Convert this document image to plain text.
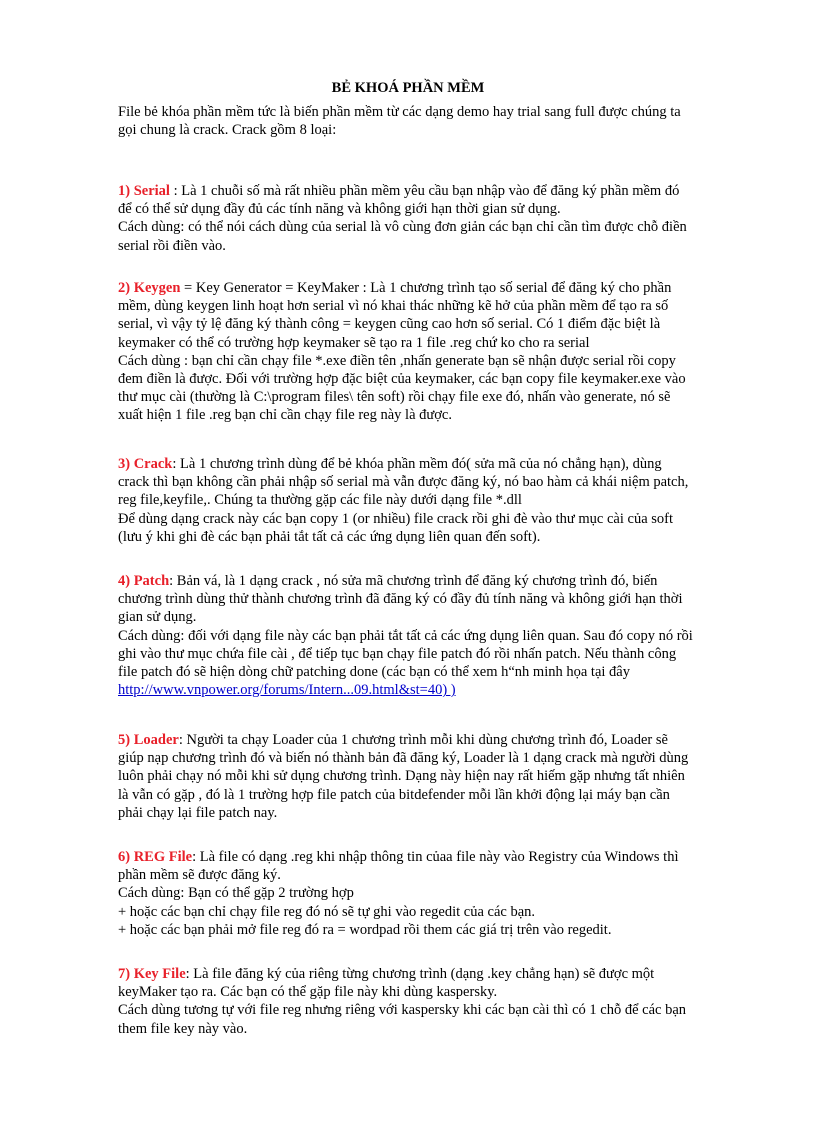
BẺ KHOÁ PHẦN MỀM
File bẻ khóa phần mềm tức là biến phần mềm từ các dạng demo hay trial sang full được chúng ta
gọi chung là crack. Crack gồm 8 loại:
1) Serial : Là 1 chuỗi số mà rất nhiều phần mềm yêu cầu bạn nhập vào để đăng ký phần mềm đó
để có thể sử dụng đầy đủ các tính năng và không giới hạn thời gian sử dụng.
Cách dùng: có thể nói cách dùng của serial là vô cùng đơn giản các bạn chỉ cần tìm được chỗ điền
serial rồi điền vào.
2) Keygen = Key Generator = KeyMaker : Là 1 chương trình tạo số serial để đăng ký cho phần
mềm, dùng keygen linh hoạt hơn serial vì nó khai thác những kẽ hở của phần mềm để tạo ra số
serial, vì vậy tỷ lệ đăng ký thành công = keygen cũng cao hơn số serial. Có 1 điểm đặc biệt là
keymaker có thể có trường hợp keymaker sẽ tạo ra 1 file .reg chứ ko cho ra serial
Cách dùng : bạn chỉ cần chạy file *.exe điền tên ,nhấn generate bạn sẽ nhận được serial rồi copy
đem điền là được. Đối với trường hợp đặc biệt của keymaker, các bạn copy file keymaker.exe vào
thư mục cài (thường là C:\program files\ tên soft) rồi chạy file exe đó, nhấn vào generate, nó sẽ
xuất hiện 1 file .reg bạn chỉ cần chạy file reg này là được.
3) Crack: Là 1 chương trình dùng để bẻ khóa phần mềm đó( sửa mã của nó chẳng hạn), dùng
crack thì bạn không cần phải nhập số serial mà vẫn được đăng ký, nó bao hàm cả khái niệm patch,
reg file,keyfile,. Chúng ta thường gặp các file này dưới dạng file *.dll
Để dùng dạng crack này các bạn copy 1 (or nhiều) file crack rồi ghi đè vào thư mục cài của soft
(lưu ý khi ghi đè các bạn phải tắt tất cả các ứng dụng liên quan đến soft).
4) Patch: Bản vá, là 1 dạng crack , nó sửa mã chương trình để đăng ký chương trình đó, biến
chương trình dùng thử thành chương trình đã đăng ký có đầy đủ tính năng và không giới hạn thời
gian sử dụng.
Cách dùng: đối với dạng file này các bạn phải tắt tất cả các ứng dụng liên quan. Sau đó copy nó rồi
ghi vào thư mục chứa file cài , để tiếp tục bạn chạy file patch đó rồi nhấn patch. Nếu thành công
file patch đó sẽ hiện dòng chữ patching done (các bạn có thể xem h“nh minh họa tại đây
http://www.vnpower.org/forums/Intern...09.html&st=40) )
5) Loader: Người ta chạy Loader của 1 chương trình mỗi khi dùng chương trình đó, Loader sẽ
giúp nạp chương trình đó và biến nó thành bản đã đăng ký, Loader là 1 dạng crack mà người dùng
luôn phải chạy nó mỗi khi sử dụng chương trình. Dạng này hiện nay rất hiếm gặp nhưng tất nhiên
là vẫn có gặp , đó là 1 trường hợp file patch của bitdefender mỗi lần khởi động lại máy bạn cần
phải chạy lại file patch nay.
6) REG File: Là file có dạng .reg khi nhập thông tin củaa file này vào Registry của Windows thì
phần mềm sẽ được đăng ký.
Cách dùng: Bạn có thể gặp 2 trường hợp
+ hoặc các bạn chỉ chạy file reg đó nó sẽ tự ghi vào regedit của các bạn.
+ hoặc các bạn phải mở file reg đó ra = wordpad rồi them các giá trị trên vào regedit.
7) Key File: Là file đăng ký của riêng từng chương trình (dạng .key chẳng hạn) sẽ được một
keyMaker tạo ra. Các bạn có thể gặp file này khi dùng kaspersky.
Cách dùng tương tự với file reg nhưng riêng với kaspersky khi các bạn cài thì có 1 chỗ để các bạn
them file key này vào.
